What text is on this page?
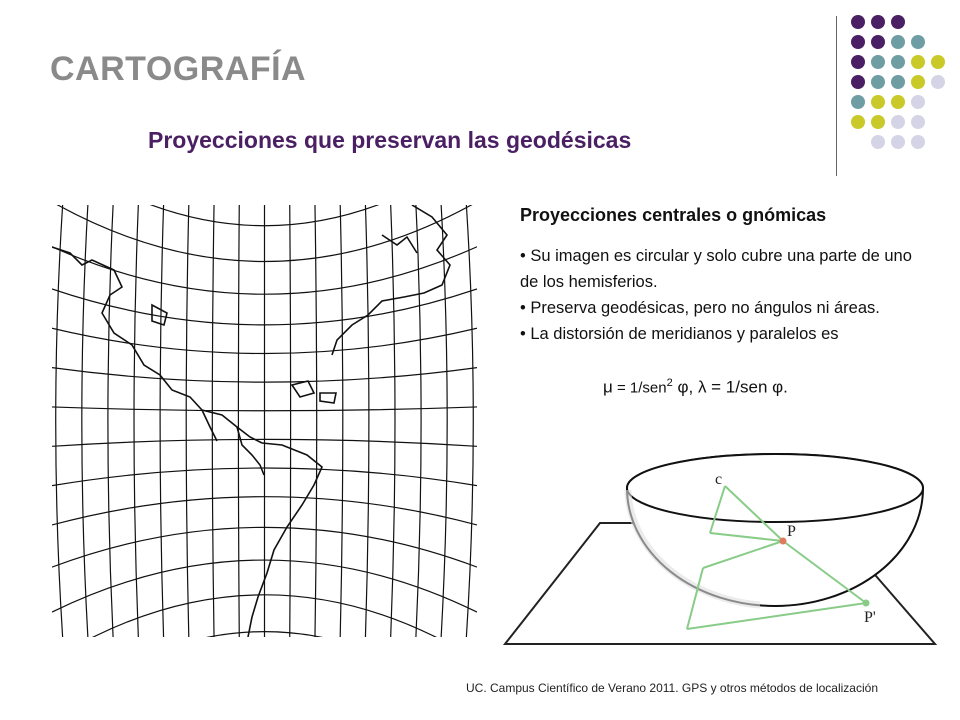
CARTOGRAFÍA
Proyecciones que preservan las geodésicas
Proyecciones centrales o gnómicas
• Su imagen es circular y solo cubre una parte de uno de los hemisferios.
• Preserva geodésicas, pero no ángulos ni áreas.
• La distorsión de meridianos y paralelos es
μ = 1/sen$^2$ φ, λ = 1/sen φ.
c
P
P'
UC. Campus Científico de Verano 2011. GPS y otros métodos de localización
